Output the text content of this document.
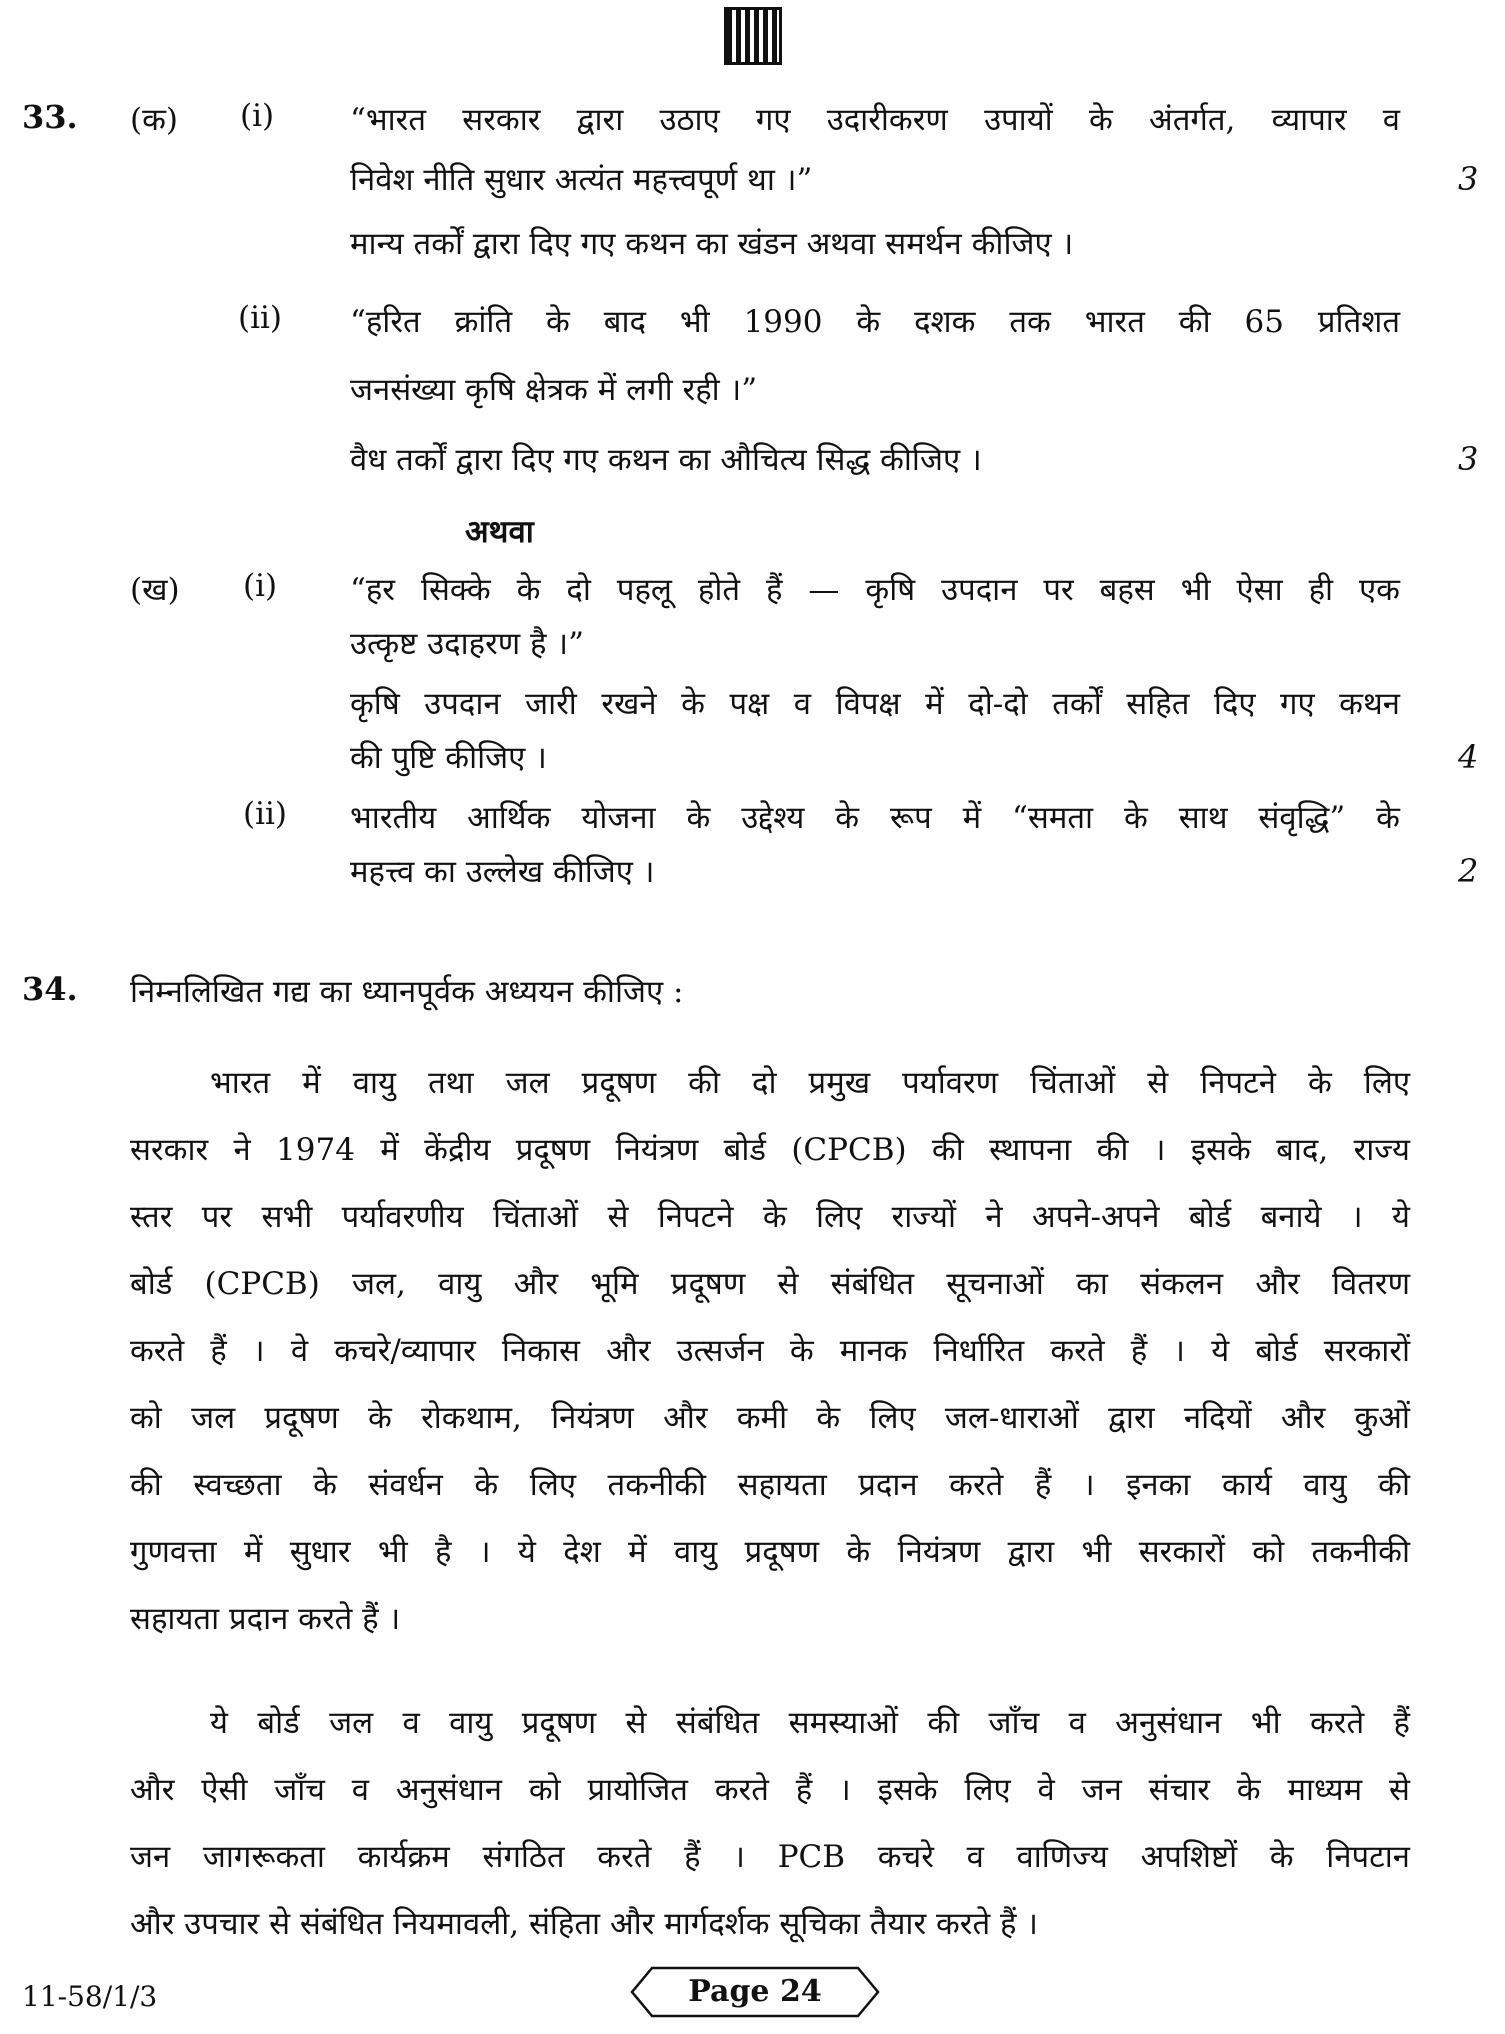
33. (क) (i) “भारत सरकार द्वारा उठाए गए उदारीकरण उपायों के अंतर्गत, व्यापार व
निवेश नीति सुधार अत्यंत महत्त्वपूर्ण था ।”	3
मान्य तर्कों द्वारा दिए गए कथन का खंडन अथवा समर्थन कीजिए ।
(ii) “हरित क्रांति के बाद भी 1990 के दशक तक भारत की 65 प्रतिशत
जनसंख्या कृषि क्षेत्रक में लगी रही ।”
वैध तर्कों द्वारा दिए गए कथन का औचित्य सिद्ध कीजिए ।	3
अथवा
(ख) (i) “हर सिक्के के दो पहलू होते हैं — कृषि उपदान पर बहस भी ऐसा ही एक
उत्कृष्ट उदाहरण है ।”
कृषि उपदान जारी रखने के पक्ष व विपक्ष में दो-दो तर्कों सहित दिए गए कथन
की पुष्टि कीजिए ।	4
(ii) भारतीय आर्थिक योजना के उद्देश्य के रूप में “समता के साथ संवृद्धि” के
महत्त्व का उल्लेख कीजिए ।	2
34. निम्नलिखित गद्य का ध्यानपूर्वक अध्ययन कीजिए :
भारत में वायु तथा जल प्रदूषण की दो प्रमुख पर्यावरण चिंताओं से निपटने के लिए
सरकार ने 1974 में केंद्रीय प्रदूषण नियंत्रण बोर्ड (CPCB) की स्थापना की । इसके बाद, राज्य
स्तर पर सभी पर्यावरणीय चिंताओं से निपटने के लिए राज्यों ने अपने-अपने बोर्ड बनाये । ये
बोर्ड (CPCB) जल, वायु और भूमि प्रदूषण से संबंधित सूचनाओं का संकलन और वितरण
करते हैं । वे कचरे/व्यापार निकास और उत्सर्जन के मानक निर्धारित करते हैं । ये बोर्ड सरकारों
को जल प्रदूषण के रोकथाम, नियंत्रण और कमी के लिए जल-धाराओं द्वारा नदियों और कुओं
की स्वच्छता के संवर्धन के लिए तकनीकी सहायता प्रदान करते हैं । इनका कार्य वायु की
गुणवत्ता में सुधार भी है । ये देश में वायु प्रदूषण के नियंत्रण द्वारा भी सरकारों को तकनीकी
सहायता प्रदान करते हैं ।
ये बोर्ड जल व वायु प्रदूषण से संबंधित समस्याओं की जाँच व अनुसंधान भी करते हैं
और ऐसी जाँच व अनुसंधान को प्रायोजित करते हैं । इसके लिए वे जन संचार के माध्यम से
जन जागरूकता कार्यक्रम संगठित करते हैं । PCB कचरे व वाणिज्य अपशिष्टों के निपटान
और उपचार से संबंधित नियमावली, संहिता और मार्गदर्शक सूचिका तैयार करते हैं ।
11-58/1/3	Page 24
